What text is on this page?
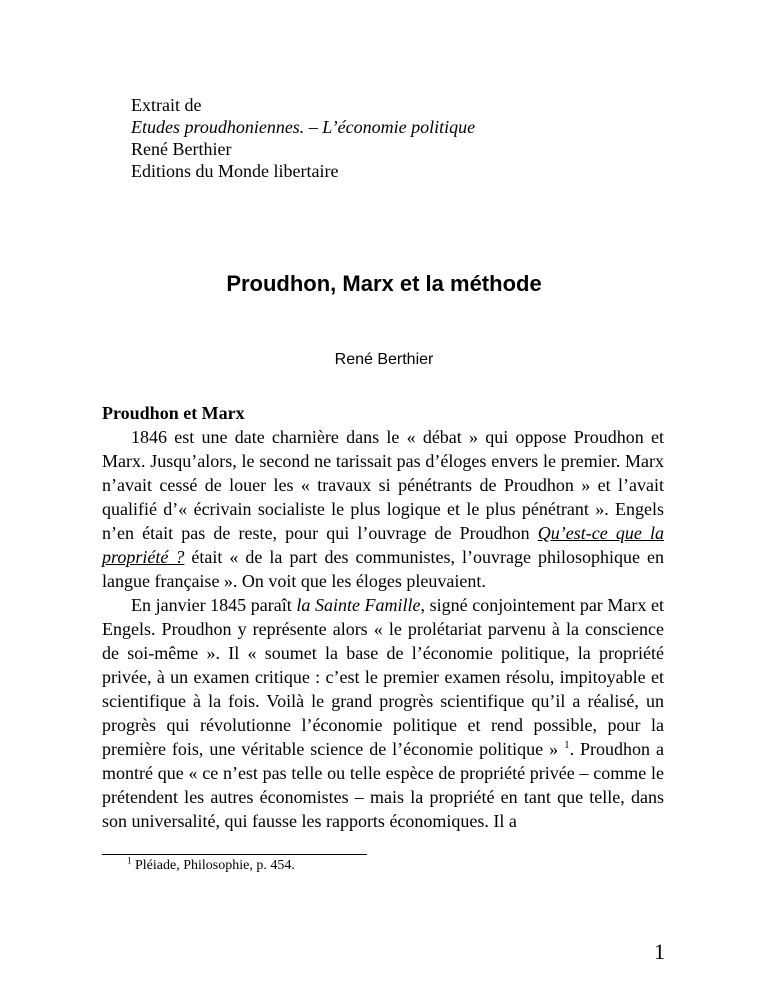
Extrait de
Etudes proudhoniennes. – L’économie politique
René Berthier
Editions du Monde libertaire
Proudhon, Marx et la méthode
René Berthier
Proudhon et Marx

1846 est une date charnière dans le « débat » qui oppose Proudhon et Marx. Jusqu’alors, le second ne tarissait pas d’éloges envers le premier. Marx n’avait cessé de louer les « travaux si pénétrants de Proudhon » et l’avait qualifié d’« écrivain socialiste le plus logique et le plus pénétrant ». Engels n’en était pas de reste, pour qui l’ouvrage de Proudhon Qu’est-ce que la propriété ? était « de la part des communistes, l’ouvrage philosophique en langue française ». On voit que les éloges pleuvaient.

En janvier 1845 paraît la Sainte Famille, signé conjointement par Marx et Engels. Proudhon y représente alors « le prolétariat parvenu à la conscience de soi-même ». Il « soumet la base de l’économie politique, la propriété privée, à un examen critique : c’est le premier examen résolu, impitoyable et scientifique à la fois. Voilà le grand progrès scientifique qu’il a réalisé, un progrès qui révolutionne l’économie politique et rend possible, pour la première fois, une véritable science de l’économie politique » $^1$. Proudhon a montré que « ce n’est pas telle ou telle espèce de propriété privée – comme le prétendent les autres économistes – mais la propriété en tant que telle, dans son universalité, qui fausse les rapports économiques. Il a

$^1$ Pléiade, Philosophie, p. 454.
1
